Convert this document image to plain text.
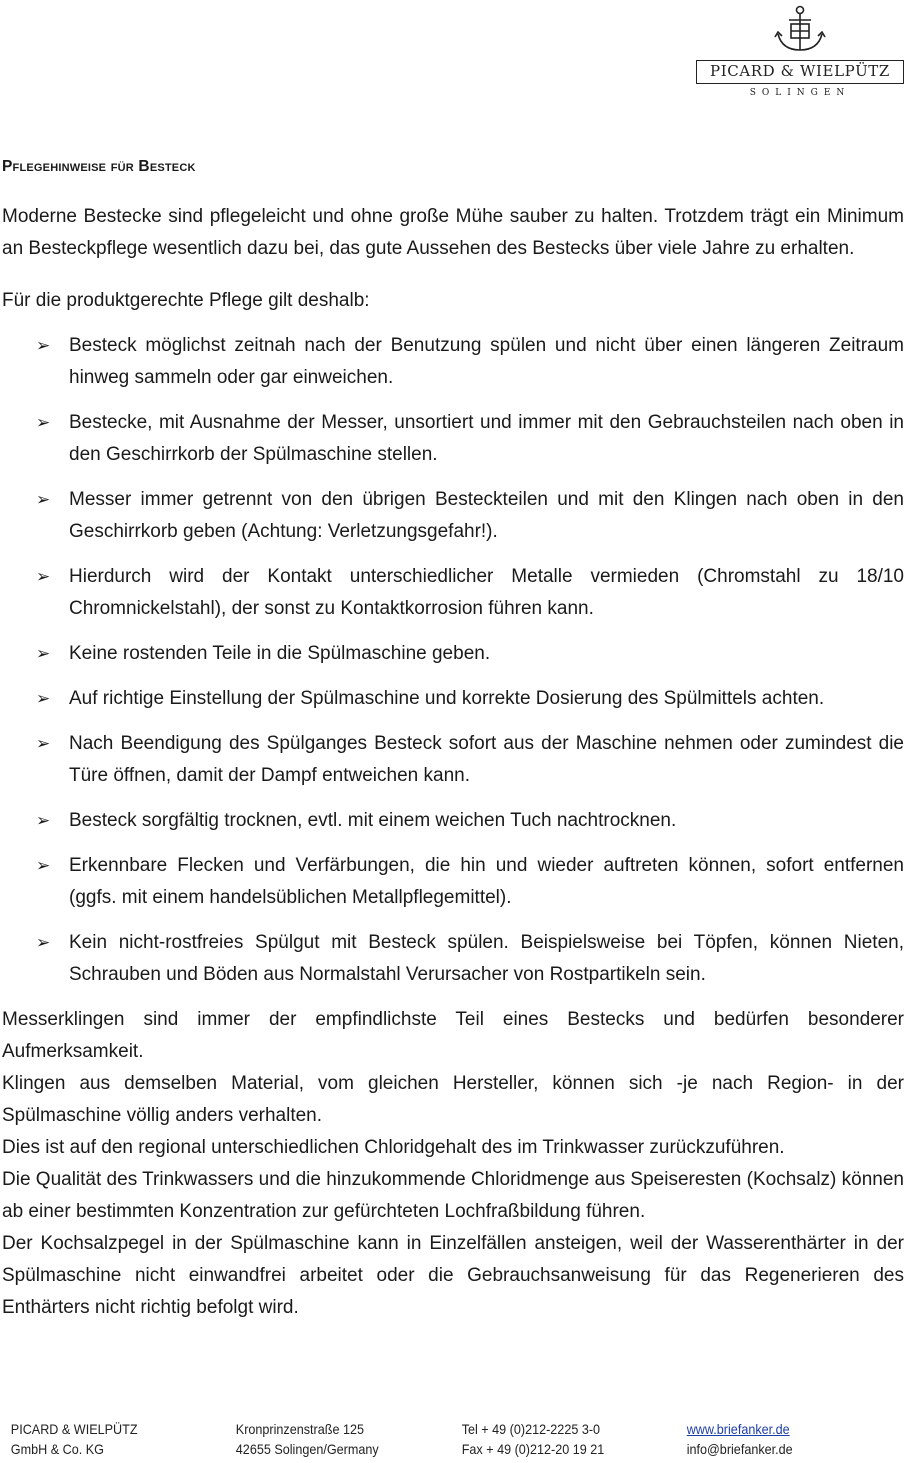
PICARD & WIELPÜTZ
SOLINGEN
Pflegehinweise für Besteck

Moderne Bestecke sind pflegeleicht und ohne große Mühe sauber zu halten. Trotzdem trägt ein Minimum an Besteckpflege wesentlich dazu bei, das gute Aussehen des Bestecks über viele Jahre zu erhalten.

Für die produktgerechte Pflege gilt deshalb:

➢ Besteck möglichst zeitnah nach der Benutzung spülen und nicht über einen längeren Zeitraum hinweg sammeln oder gar einweichen.
➢ Bestecke, mit Ausnahme der Messer, unsortiert und immer mit den Gebrauchsteilen nach oben in den Geschirrkorb der Spülmaschine stellen.
➢ Messer immer getrennt von den übrigen Besteckteilen und mit den Klingen nach oben in den Geschirrkorb geben (Achtung: Verletzungsgefahr!).
➢ Hierdurch wird der Kontakt unterschiedlicher Metalle vermieden (Chromstahl zu 18/10 Chromnickelstahl), der sonst zu Kontaktkorrosion führen kann.
➢ Keine rostenden Teile in die Spülmaschine geben.
➢ Auf richtige Einstellung der Spülmaschine und korrekte Dosierung des Spülmittels achten.
➢ Nach Beendigung des Spülganges Besteck sofort aus der Maschine nehmen oder zumindest die Türe öffnen, damit der Dampf entweichen kann.
➢ Besteck sorgfältig trocknen, evtl. mit einem weichen Tuch nachtrocknen.
➢ Erkennbare Flecken und Verfärbungen, die hin und wieder auftreten können, sofort entfernen (ggfs. mit einem handelsüblichen Metallpflegemittel).
➢ Kein nicht-rostfreies Spülgut mit Besteck spülen. Beispielsweise bei Töpfen, können Nieten, Schrauben und Böden aus Normalstahl Verursacher von Rostpartikeln sein.

Messerklingen sind immer der empfindlichste Teil eines Bestecks und bedürfen besonderer Aufmerksamkeit.

Klingen aus demselben Material, vom gleichen Hersteller, können sich -je nach Region- in der Spülmaschine völlig anders verhalten.

Dies ist auf den regional unterschiedlichen Chloridgehalt des im Trinkwasser zurückzuführen.

Die Qualität des Trinkwassers und die hinzukommende Chloridmenge aus Speiseresten (Kochsalz) können ab einer bestimmten Konzentration zur gefürchteten Lochfraßbildung führen.

Der Kochsalzpegel in der Spülmaschine kann in Einzelfällen ansteigen, weil der Wasserenthärter in der Spülmaschine nicht einwandfrei arbeitet oder die Gebrauchsanweisung für das Regenerieren des Enthärters nicht richtig befolgt wird.

PICARD & WIELPÜTZ
GmbH & Co. KG
Kronprinzenstraße 125
42655 Solingen/Germany
Tel + 49 (0)212-2225 3-0
Fax + 49 (0)212-20 19 21
www.briefanker.de
info@briefanker.de
